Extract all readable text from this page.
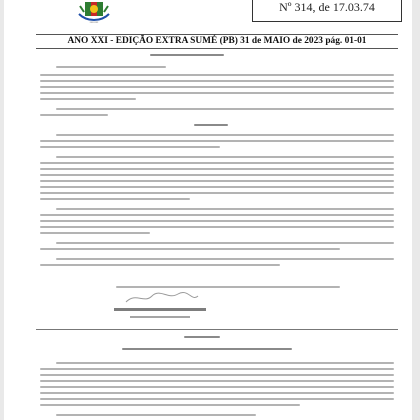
▪▪▪▪▪▪▪
Nº 314, de 17.03.74
ANO XXI - EDIÇÃO EXTRA SUMÉ (PB) 31 de MAIO de 2023 pág. 01-01
